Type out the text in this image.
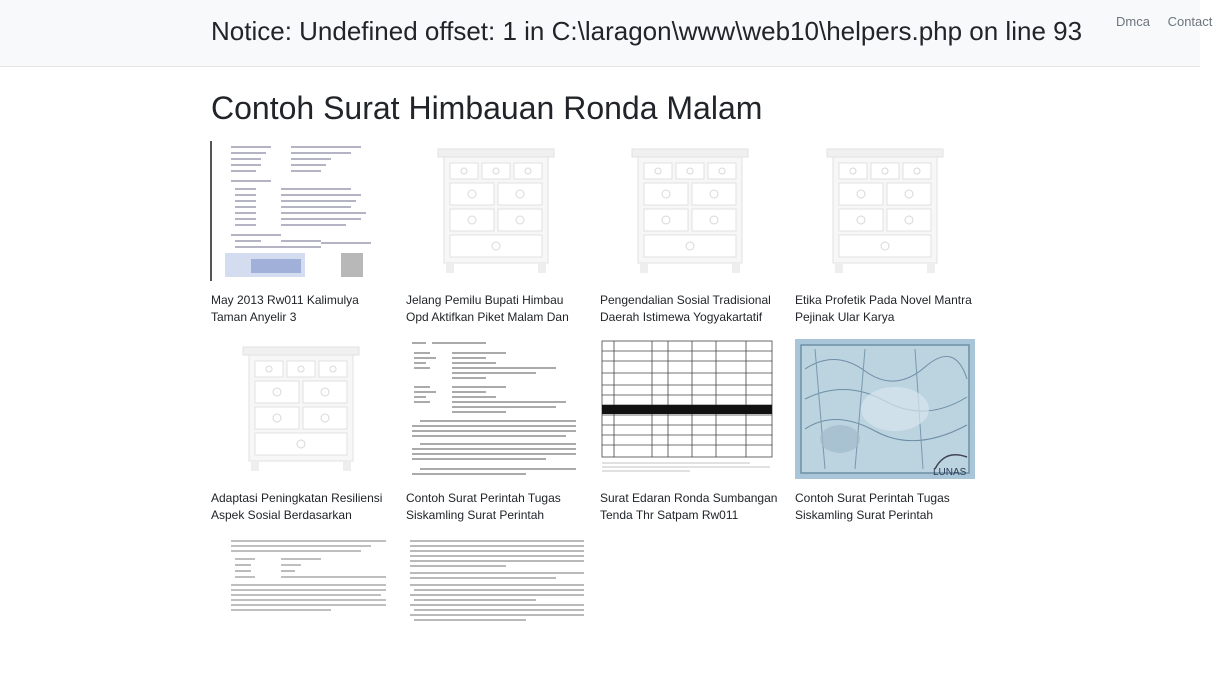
Notice: Undefined offset: 1 in C:\laragon\www\web10\helpers.php on line 93	Dmca Contact
Contoh Surat Himbauan Ronda Malam
May 2013 Rw011 Kalimulya Taman Anyelir 3
Jelang Pemilu Bupati Himbau Opd Aktifkan Piket Malam Dan
Pengendalian Sosial Tradisional Daerah Istimewa Yogyakartatif
Etika Profetik Pada Novel Mantra Pejinak Ular Karya
Adaptasi Peningkatan Resiliensi Aspek Sosial Berdasarkan
Contoh Surat Perintah Tugas Siskamling Surat Perintah
Surat Edaran Ronda Sumbangan Tenda Thr Satpam Rw011
LUNAS
Contoh Surat Perintah Tugas Siskamling Surat Perintah
